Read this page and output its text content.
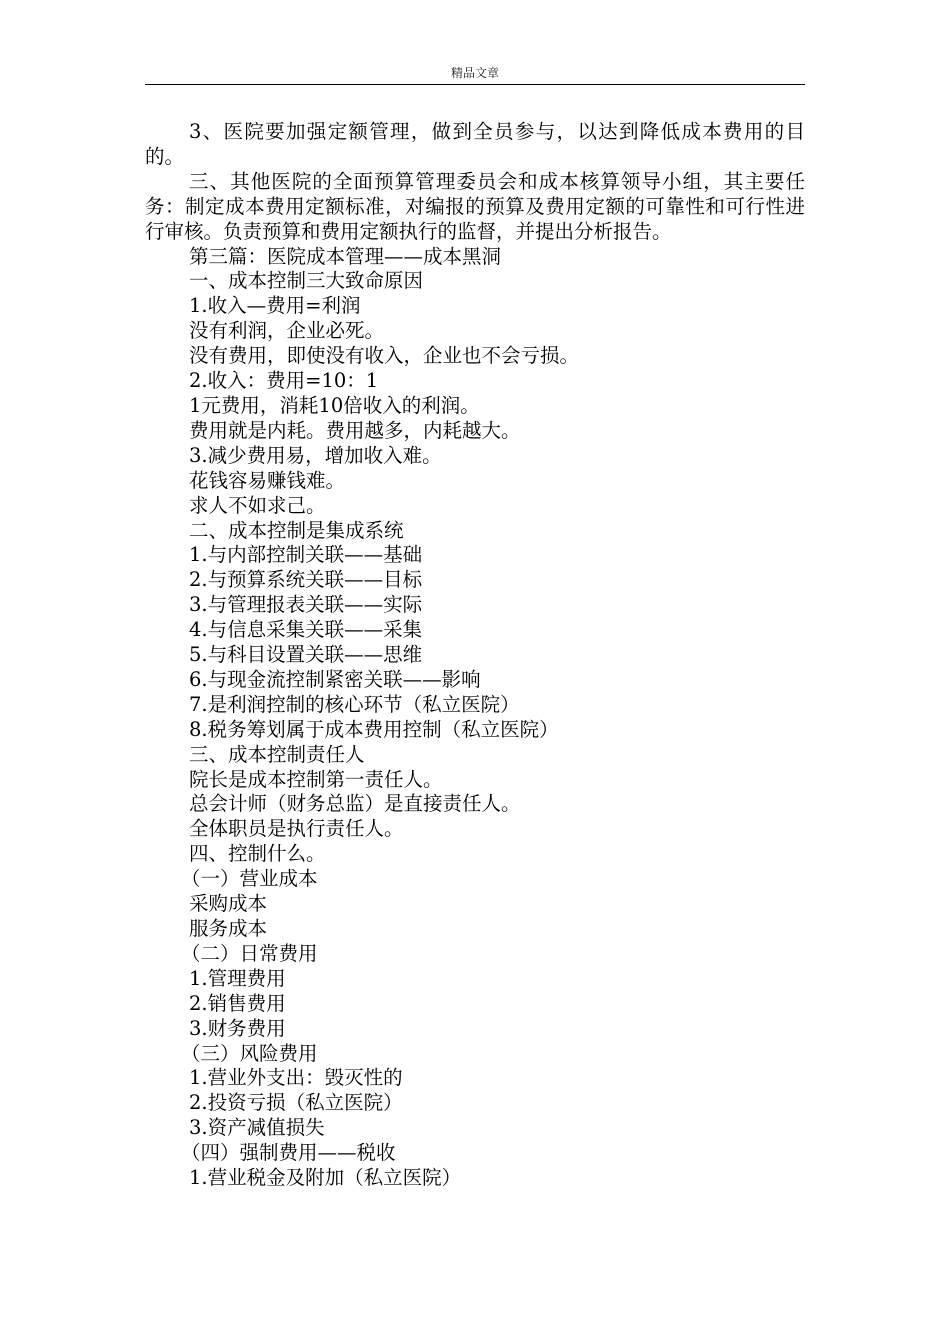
精品文章

3、医院要加强定额管理，做到全员参与，以达到降低成本费用的目的。

三、其他医院的全面预算管理委员会和成本核算领导小组，其主要任务：制定成本费用定额标准，对编报的预算及费用定额的可靠性和可行性进行审核。负责预算和费用定额执行的监督，并提出分析报告。

第三篇：医院成本管理——成本黑洞

一、成本控制三大致命原因

1.收入—费用=利润

没有利润，企业必死。

没有费用，即使没有收入，企业也不会亏损。

2.收入：费用=10：1

1元费用，消耗10倍收入的利润。

费用就是内耗。费用越多，内耗越大。

3.减少费用易，增加收入难。

花钱容易赚钱难。

求人不如求己。

二、成本控制是集成系统

1.与内部控制关联——基础

2.与预算系统关联——目标

3.与管理报表关联——实际

4.与信息采集关联——采集

5.与科目设置关联——思维

6.与现金流控制紧密关联——影响

7.是利润控制的核心环节（私立医院）

8.税务筹划属于成本费用控制（私立医院）

三、成本控制责任人

院长是成本控制第一责任人。

总会计师（财务总监）是直接责任人。

全体职员是执行责任人。

四、控制什么。

（一）营业成本

采购成本

服务成本

（二）日常费用

1.管理费用

2.销售费用

3.财务费用

（三）风险费用

1.营业外支出：毁灭性的

2.投资亏损（私立医院）

3.资产减值损失

（四）强制费用——税收

1.营业税金及附加（私立医院）
